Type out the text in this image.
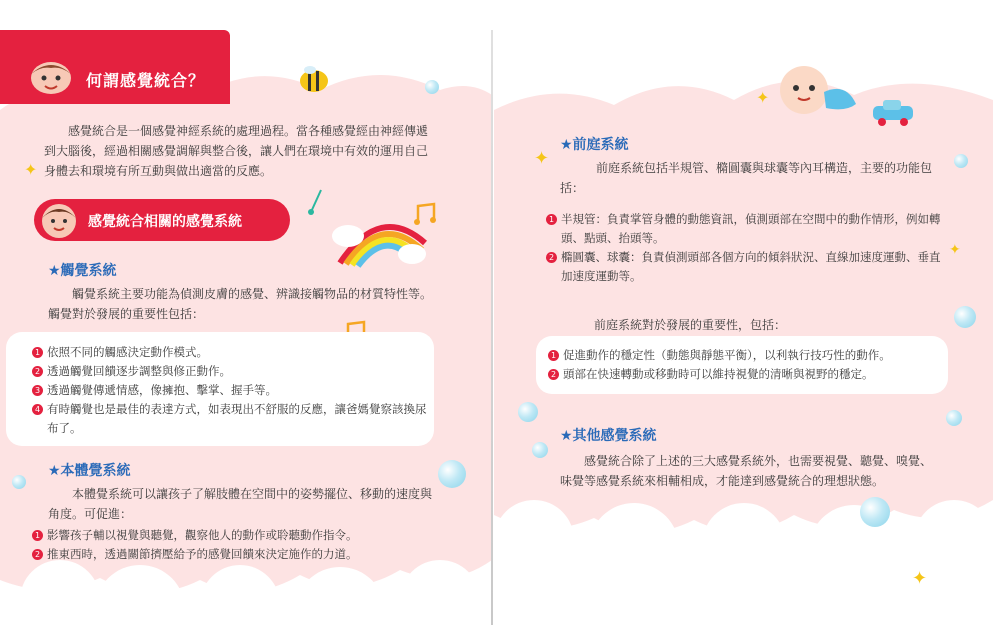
何謂感覺統合？
✦

感覺統合是一個感覺神經系統的處理過程。當各種感覺經由神經傳遞到大腦後，經過相關感覺調解與整合後，讓人們在環境中有效的運用自己身體去和環境有所互動與做出適當的反應。

感覺統合相關的感覺系統
★觸覺系統

觸覺系統主要功能為偵測皮膚的感覺、辨識接觸物品的材質特性等。觸覺對於發展的重要性包括：

1 依照不同的觸感決定動作模式。
2 透過觸覺回饋逐步調整與修正動作。
3 透過觸覺傳遞情感，像擁抱、擊掌、握手等。
4 有時觸覺也是最佳的表達方式，如表現出不舒服的反應，讓爸媽覺察該換尿布了。
★本體覺系統

本體覺系統可以讓孩子了解肢體在空間中的姿勢擺位、移動的速度與角度。可促進：

1 影響孩子輔以視覺與聽覺，觀察他人的動作或聆聽動作指令。
2 推東西時，透過關節擠壓給予的感覺回饋來決定施作的力道。
✦
✦
✦
★前庭系統

前庭系統包括半規管、橢圓囊與球囊等內耳構造，主要的功能包括：

1 半規管：負責掌管身體的動態資訊，偵測頭部在空間中的動作情形，例如轉頭、點頭、抬頭等。
2 橢圓囊、球囊：負責偵測頭部各個方向的傾斜狀況、直線加速度運動、垂直加速度運動等。

前庭系統對於發展的重要性，包括：

1 促進動作的穩定性（動態與靜態平衡），以利執行技巧性的動作。
2 頭部在快速轉動或移動時可以維持視覺的清晰與視野的穩定。
★其他感覺系統

感覺統合除了上述的三大感覺系統外，也需要視覺、聽覺、嗅覺、味覺等感覺系統來相輔相成，才能達到感覺統合的理想狀態。

✦
